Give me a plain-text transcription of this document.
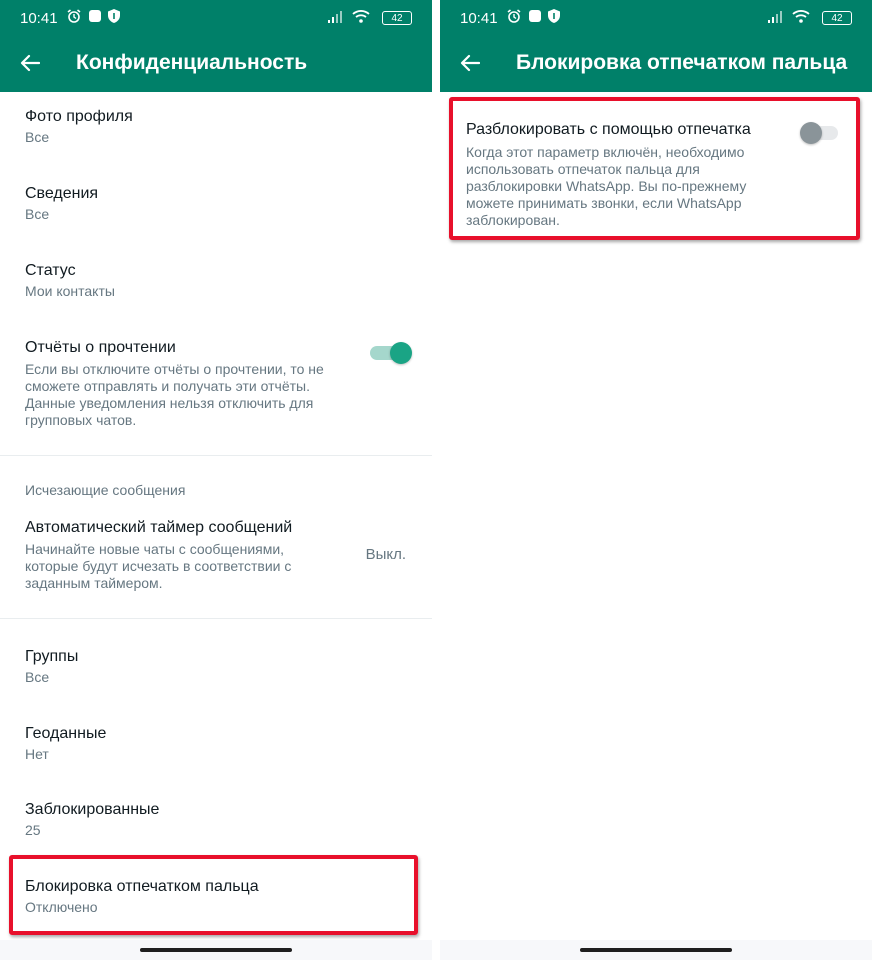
10:41	42
Конфиденциальность
Фото профиля
Все
Сведения
Все
Статус
Мои контакты
Отчёты о прочтении
Если вы отключите отчёты о прочтении, то не сможете отправлять и получать эти отчёты. Данные уведомления нельзя отключить для групповых чатов.
Исчезающие сообщения
Автоматический таймер сообщений
Начинайте новые чаты с сообщениями, которые будут исчезать в соответствии с заданным таймером.
Выкл.
Группы
Все
Геоданные
Нет
Заблокированные
25
Блокировка отпечатком пальца
Отключено
10:41	42
Блокировка отпечатком пальца
Разблокировать с помощью отпечатка
Когда этот параметр включён, необходимо использовать отпечаток пальца для разблокировки WhatsApp. Вы по-прежнему можете принимать звонки, если WhatsApp заблокирован.
